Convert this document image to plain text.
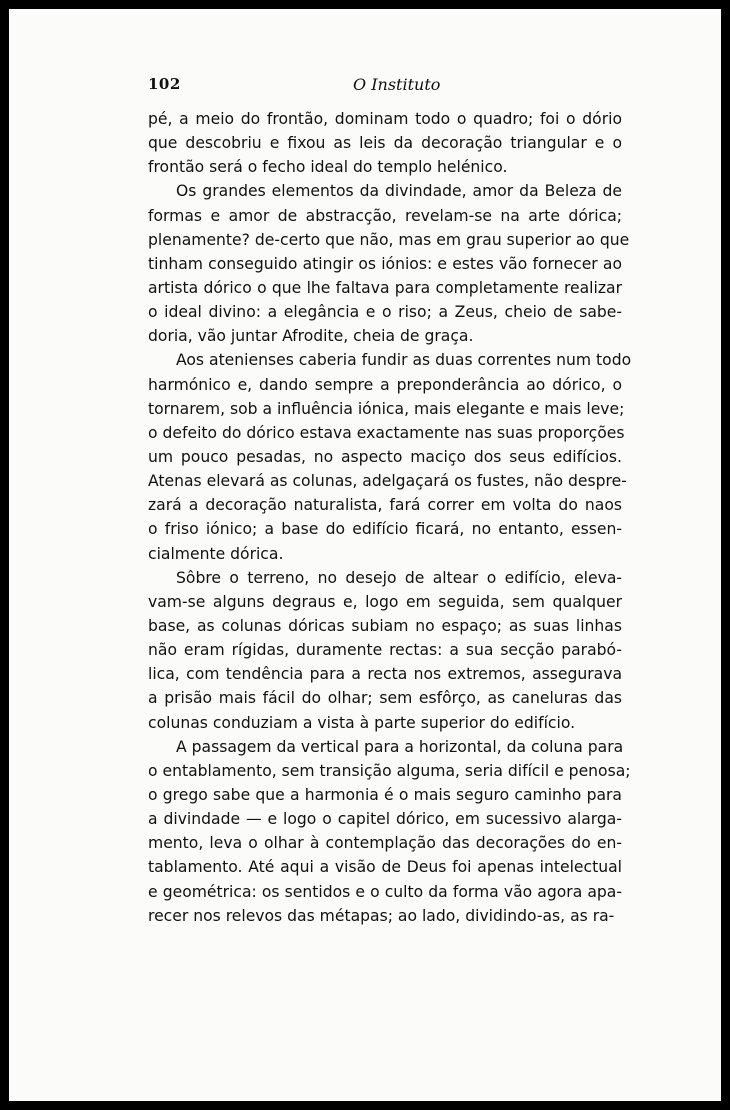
102	O Instituto
pé, a meio do frontão, dominam todo o quadro; foi o dório
que descobriu e fixou as leis da decoração triangular e o
frontão será o fecho ideal do templo helénico.
Os grandes elementos da divindade, amor da Beleza de
formas e amor de abstracção, revelam-se na arte dórica;
plenamente? de-certo que não, mas em grau superior ao que
tinham conseguido atingir os iónios: e estes vão fornecer ao
artista dórico o que lhe faltava para completamente realizar
o ideal divino: a elegância e o riso; a Zeus, cheio de sabe-
doria, vão juntar Afrodite, cheia de graça.
Aos atenienses caberia fundir as duas correntes num todo
harmónico e, dando sempre a preponderância ao dórico, o
tornarem, sob a influência iónica, mais elegante e mais leve;
o defeito do dórico estava exactamente nas suas proporções
um pouco pesadas, no aspecto maciço dos seus edifícios.
Atenas elevará as colunas, adelgaçará os fustes, não despre-
zará a decoração naturalista, fará correr em volta do naos
o friso iónico; a base do edifício ficará, no entanto, essen-
cialmente dórica.
Sôbre o terreno, no desejo de altear o edifício, eleva-
vam-se alguns degraus e, logo em seguida, sem qualquer
base, as colunas dóricas subiam no espaço; as suas linhas
não eram rígidas, duramente rectas: a sua secção parabó-
lica, com tendência para a recta nos extremos, assegurava
a prisão mais fácil do olhar; sem esfôrço, as caneluras das
colunas conduziam a vista à parte superior do edifício.
A passagem da vertical para a horizontal, da coluna para
o entablamento, sem transição alguma, seria difícil e penosa;
o grego sabe que a harmonia é o mais seguro caminho para
a divindade — e logo o capitel dórico, em sucessivo alarga-
mento, leva o olhar à contemplação das decorações do en-
tablamento. Até aqui a visão de Deus foi apenas intelectual
e geométrica: os sentidos e o culto da forma vão agora apa-
recer nos relevos das métapas; ao lado, dividindo-as, as ra-
